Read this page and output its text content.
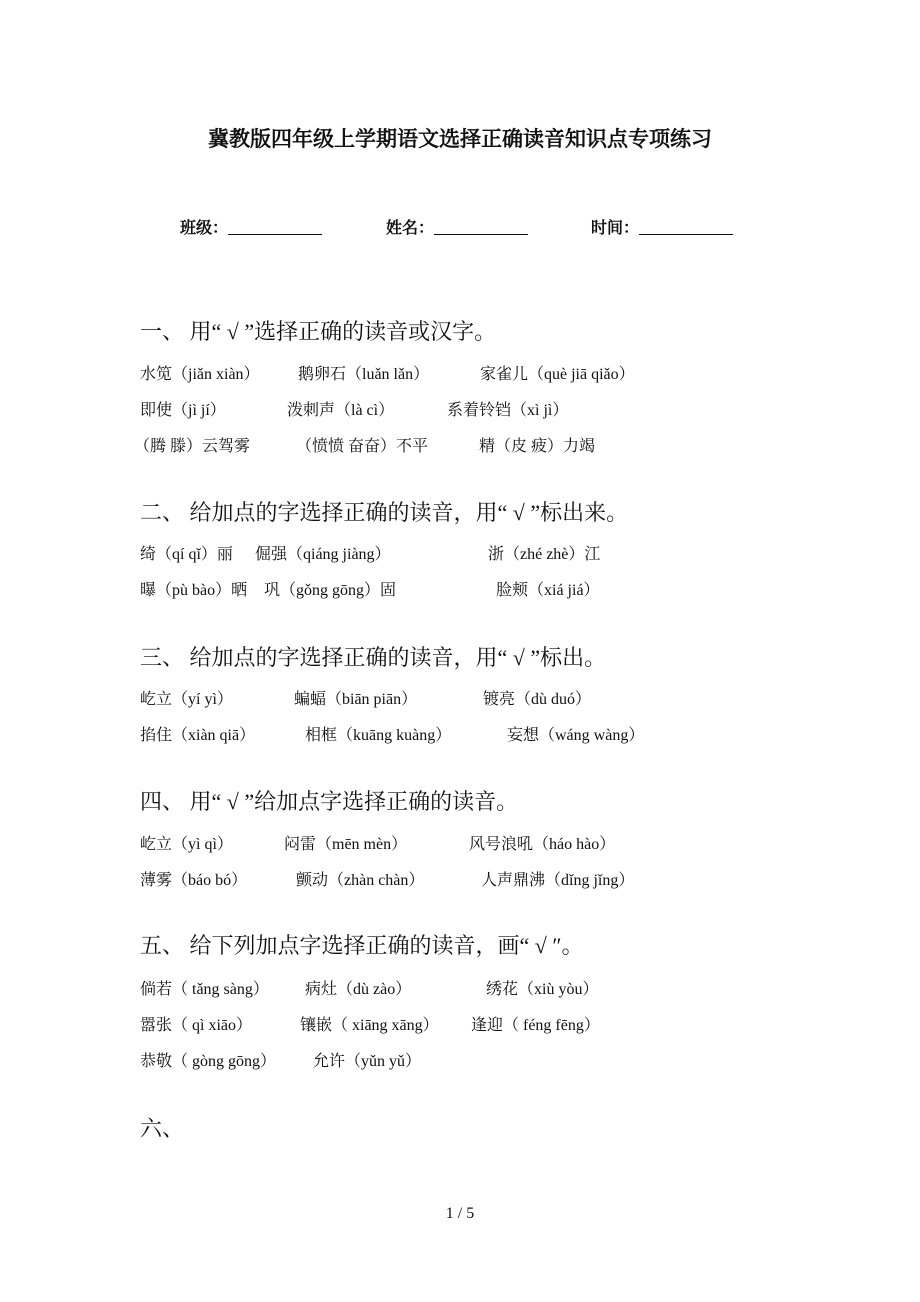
冀教版四年级上学期语文选择正确读音知识点专项练习
班级：	姓名：	时间：
一、 用“ √ ”选择正确的读音或汉字。
水笕（jiǎn xiàn） 鹅卵石（luǎn lǎn）	家雀儿（què jiā qiǎo）
即使（jì jí）	泼刺声（là cì）	系着铃铛（xì jì）
（腾 滕）云驾雾	（愤愤 奋奋）不平	精（皮 疲）力竭
二、 给加点的字选择正确的读音，用“ √ ”标出来。
绮（qí qǐ）丽 倔强（qiáng jiàng）	浙（zhé zhè）江
曝（pù bào）晒 巩（gǒng gōng）固	脸颊（xiá jiá）
三、 给加点的字选择正确的读音，用“ √ ”标出。
屹立（yí yì）	蝙蝠（biān piān）	镀亮（dù duó）
掐住（xiàn qiā）	相框（kuāng kuàng）	妄想（wáng wàng）
四、 用“ √ ”给加点字选择正确的读音。
屹立（yì qì）	闷雷（mēn mèn）	风号浪吼（háo hào）
薄雾（báo bó）	颤动（zhàn chàn）	人声鼎沸（dǐng jǐng）
五、 给下列加点字选择正确的读音，画“ √ ″。
倘若（ tǎng sàng） 病灶（dù zào）	绣花（xiù yòu）
嚣张（ qì xiāo）	镶嵌（ xiāng xāng） 逢迎（ féng fēng）
恭敬（ gòng gōng） 允许（yǔn yǔ）
六、
1 / 5
